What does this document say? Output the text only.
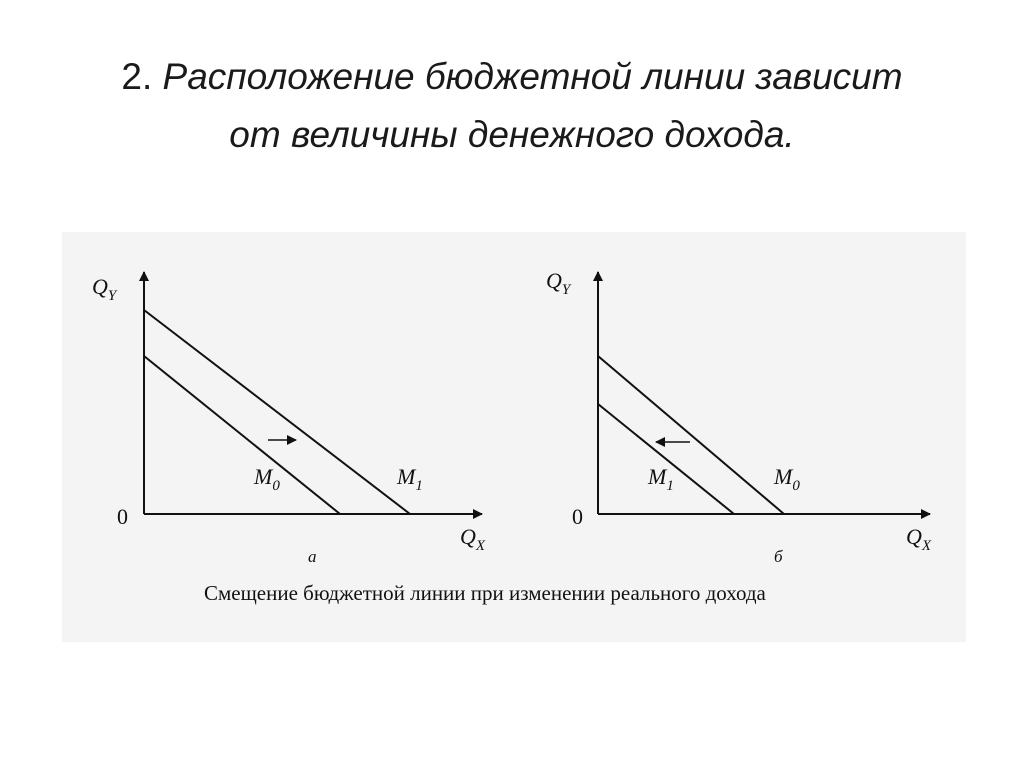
2. Расположение бюджетной линии зависит
от величины денежного дохода.
$Q_Y$
$Q_X$
0
$M_0$	$M_1$
а
$Q_Y$
$Q_X$
0
$M_1$	$M_0$
б
Смещение бюджетной линии при изменении реального дохода
